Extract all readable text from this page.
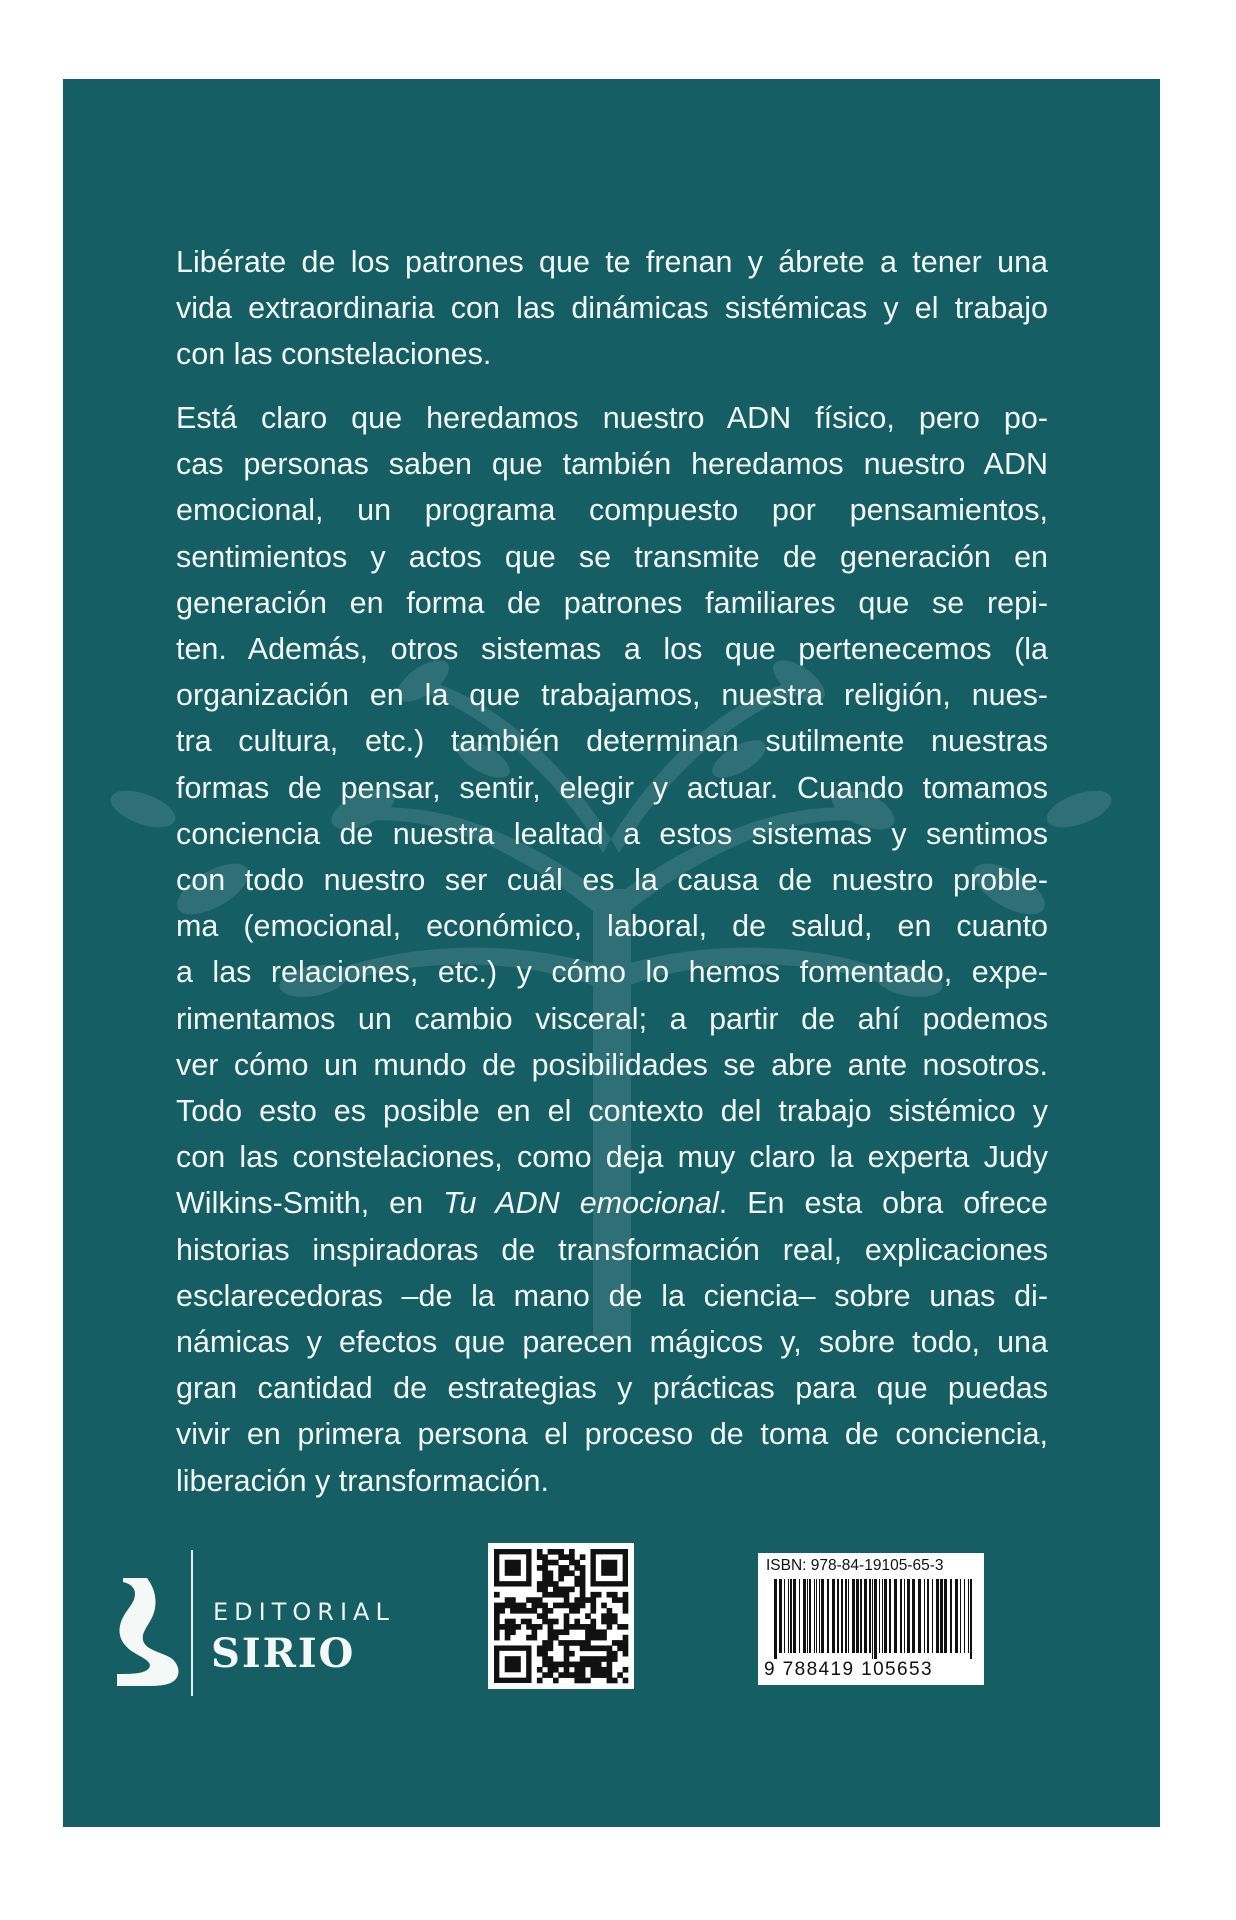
Libérate de los patrones que te frenan y ábrete a tener una
vida extraordinaria con las dinámicas sistémicas y el trabajo
con las constelaciones.
Está claro que heredamos nuestro ADN físico, pero po-
cas personas saben que también heredamos nuestro ADN
emocional, un programa compuesto por pensamientos,
sentimientos y actos que se transmite de generación en
generación en forma de patrones familiares que se repi-
ten. Además, otros sistemas a los que pertenecemos (la
organización en la que trabajamos, nuestra religión, nues-
tra cultura, etc.) también determinan sutilmente nuestras
formas de pensar, sentir, elegir y actuar. Cuando tomamos
conciencia de nuestra lealtad a estos sistemas y sentimos
con todo nuestro ser cuál es la causa de nuestro proble-
ma (emocional, económico, laboral, de salud, en cuanto
a las relaciones, etc.) y cómo lo hemos fomentado, expe-
rimentamos un cambio visceral; a partir de ahí podemos
ver cómo un mundo de posibilidades se abre ante nosotros.
Todo esto es posible en el contexto del trabajo sistémico y
con las constelaciones, como deja muy claro la experta Judy
Wilkins-Smith, en Tu ADN emocional. En esta obra ofrece
historias inspiradoras de transformación real, explicaciones
esclarecedoras –de la mano de la ciencia– sobre unas di-
námicas y efectos que parecen mágicos y, sobre todo, una
gran cantidad de estrategias y prácticas para que puedas
vivir en primera persona el proceso de toma de conciencia,
liberación y transformación.
EDITORIAL
SIRIO
ISBN: 978-84-19105-65-3
9 788419 105653
